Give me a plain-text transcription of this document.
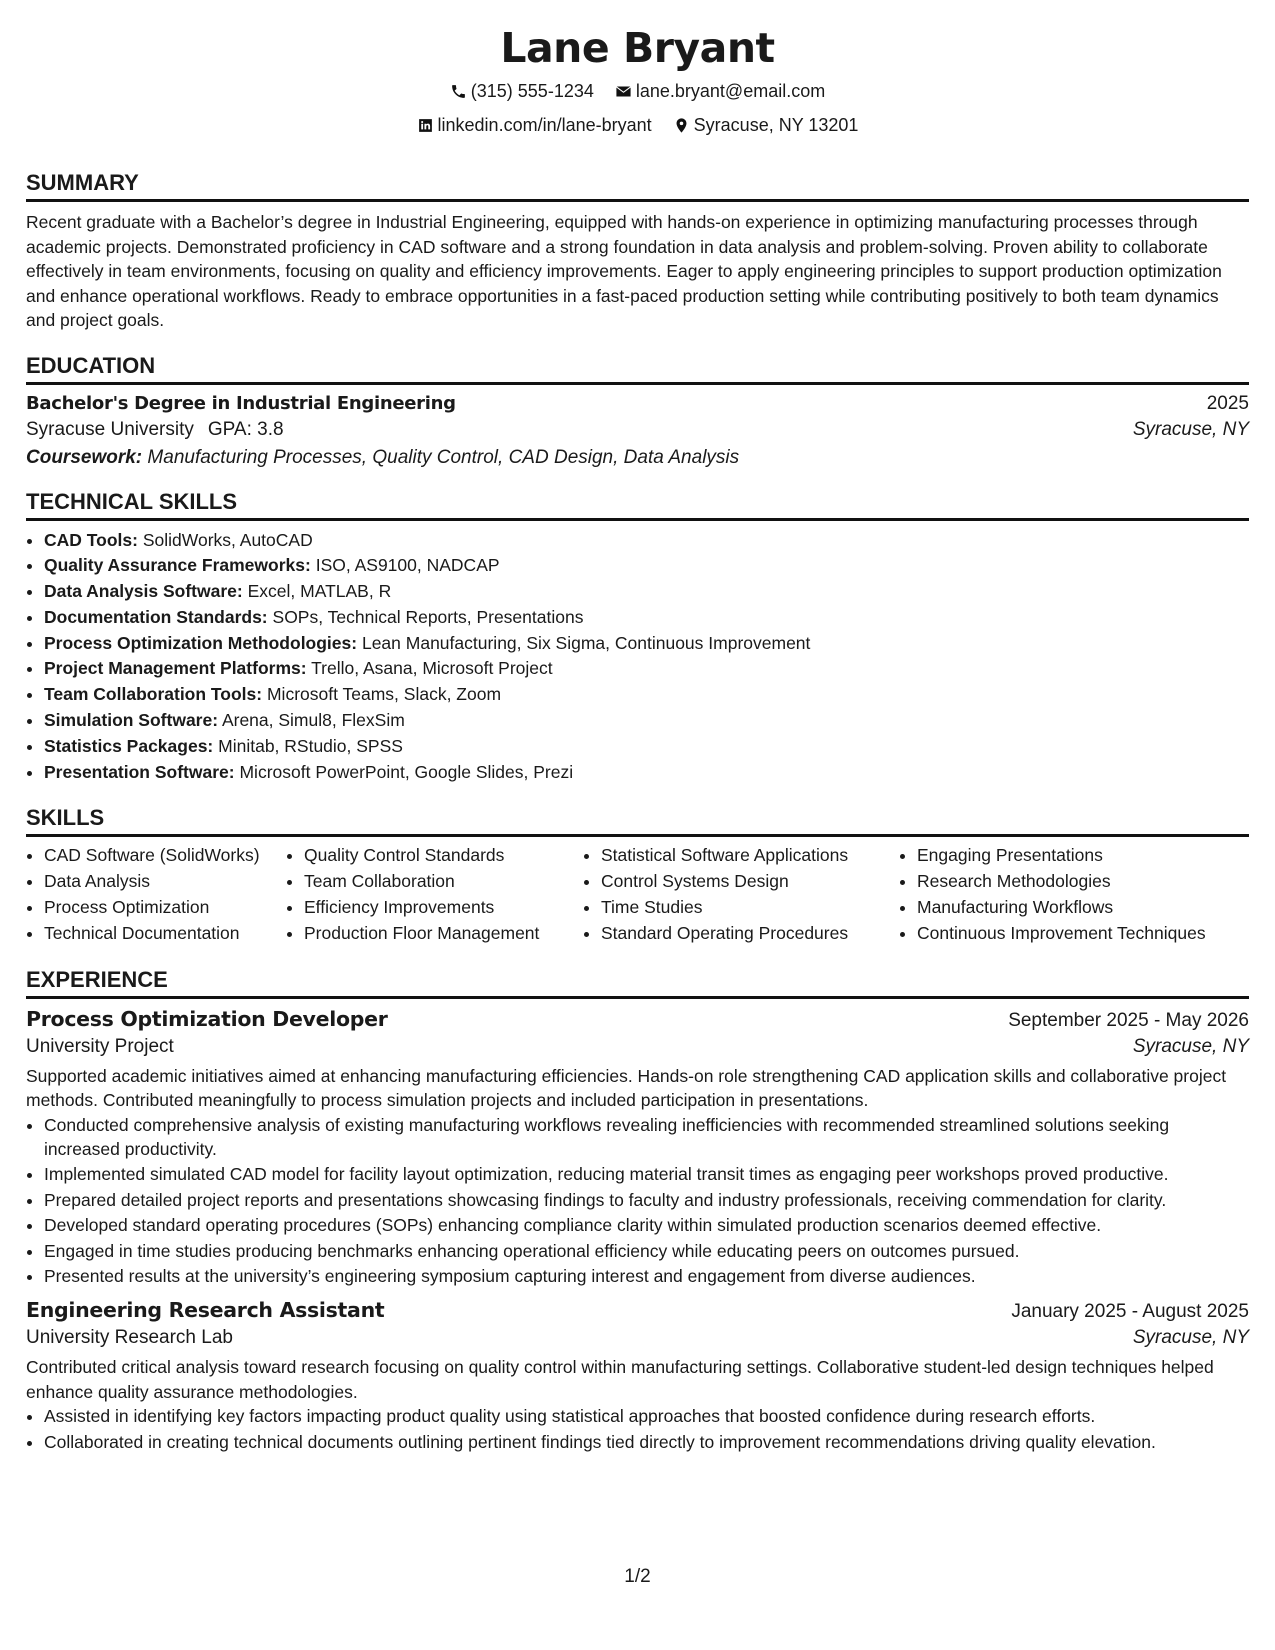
Lane Bryant
(315) 555-1234
lane.bryant@email.com
linkedin.com/in/lane-bryant
Syracuse, NY 13201
SUMMARY
Recent graduate with a Bachelor’s degree in Industrial Engineering, equipped with hands-on experience in optimizing manufacturing processes through academic projects. Demonstrated proficiency in CAD software and a strong foundation in data analysis and problem-solving. Proven ability to collaborate effectively in team environments, focusing on quality and efficiency improvements. Eager to apply engineering principles to support production optimization and enhance operational workflows. Ready to embrace opportunities in a fast-paced production setting while contributing positively to both team dynamics and project goals.
EDUCATION
Bachelor's Degree in Industrial Engineering	2025
Syracuse University GPA: 3.8	Syracuse, NY
Coursework: Manufacturing Processes, Quality Control, CAD Design, Data Analysis
TECHNICAL SKILLS
• CAD Tools: SolidWorks, AutoCAD
• Quality Assurance Frameworks: ISO, AS9100, NADCAP
• Data Analysis Software: Excel, MATLAB, R
• Documentation Standards: SOPs, Technical Reports, Presentations
• Process Optimization Methodologies: Lean Manufacturing, Six Sigma, Continuous Improvement
• Project Management Platforms: Trello, Asana, Microsoft Project
• Team Collaboration Tools: Microsoft Teams, Slack, Zoom
• Simulation Software: Arena, Simul8, FlexSim
• Statistics Packages: Minitab, RStudio, SPSS
• Presentation Software: Microsoft PowerPoint, Google Slides, Prezi
SKILLS
• CAD Software (SolidWorks)
• Data Analysis
• Process Optimization
• Technical Documentation
• Quality Control Standards
• Team Collaboration
• Efficiency Improvements
• Production Floor Management
• Statistical Software Applications
• Control Systems Design
• Time Studies
• Standard Operating Procedures
• Engaging Presentations
• Research Methodologies
• Manufacturing Workflows
• Continuous Improvement Techniques
EXPERIENCE
Process Optimization Developer	September 2025 - May 2026
University Project	Syracuse, NY
Supported academic initiatives aimed at enhancing manufacturing efficiencies. Hands-on role strengthening CAD application skills and collaborative project methods. Contributed meaningfully to process simulation projects and included participation in presentations.
• Conducted comprehensive analysis of existing manufacturing workflows revealing inefficiencies with recommended streamlined solutions seeking increased productivity.
• Implemented simulated CAD model for facility layout optimization, reducing material transit times as engaging peer workshops proved productive.
• Prepared detailed project reports and presentations showcasing findings to faculty and industry professionals, receiving commendation for clarity.
• Developed standard operating procedures (SOPs) enhancing compliance clarity within simulated production scenarios deemed effective.
• Engaged in time studies producing benchmarks enhancing operational efficiency while educating peers on outcomes pursued.
• Presented results at the university’s engineering symposium capturing interest and engagement from diverse audiences.
Engineering Research Assistant	January 2025 - August 2025
University Research Lab	Syracuse, NY
Contributed critical analysis toward research focusing on quality control within manufacturing settings. Collaborative student-led design techniques helped enhance quality assurance methodologies.
• Assisted in identifying key factors impacting product quality using statistical approaches that boosted confidence during research efforts.
• Collaborated in creating technical documents outlining pertinent findings tied directly to improvement recommendations driving quality elevation.
1/2
